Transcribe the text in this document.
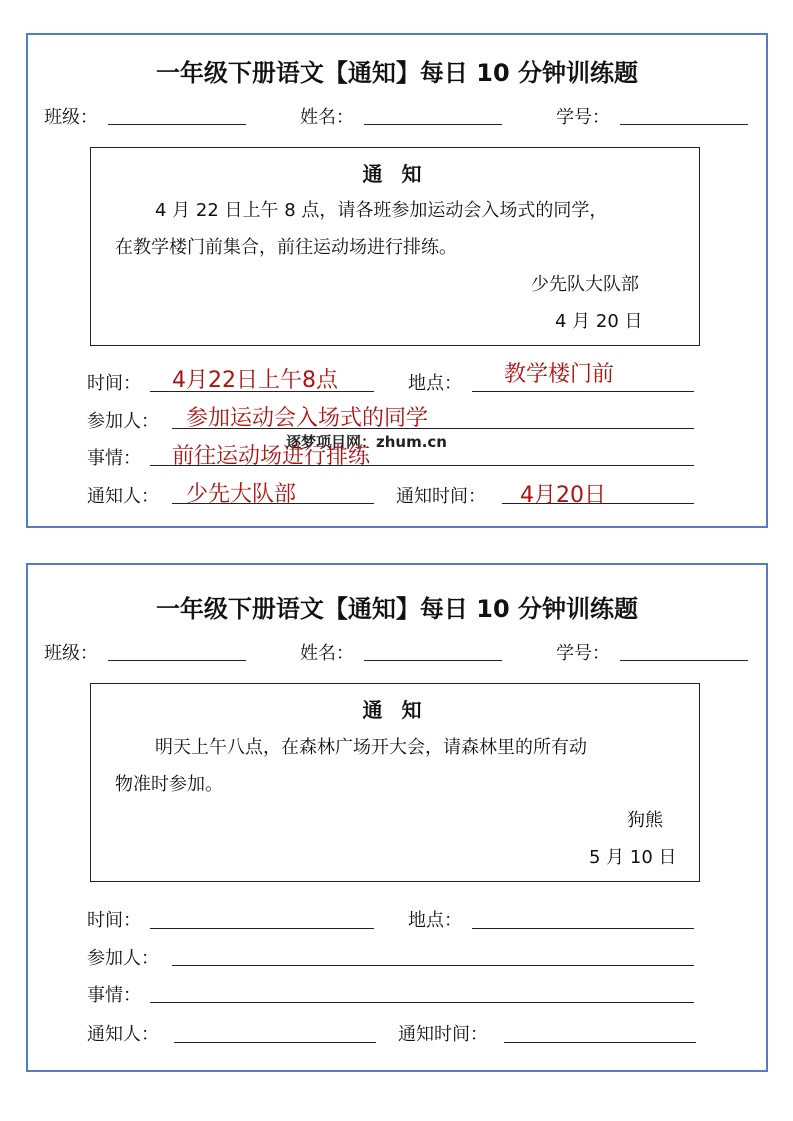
一年级下册语文【通知】每日 10 分钟训练题
班级：	姓名：	学号：
通 知
4 月 22 日上午 8 点，请各班参加运动会入场式的同学，
在教学楼门前集合，前往运动场进行排练。
少先队大队部
4 月 20 日
时间： 4月22日上午8点	地点： 教学楼门前
参加人： 参加运动会入场式的同学
逐梦项目网：zhum.cn
事情： 前往运动场进行排练
通知人： 少先大队部	通知时间： 4月20日
一年级下册语文【通知】每日 10 分钟训练题
班级：	姓名：	学号：
通 知
明天上午八点，在森林广场开大会，请森林里的所有动
物准时参加。
狗熊
5 月 10 日
时间：	地点：
参加人：
事情：
通知人：	通知时间：
